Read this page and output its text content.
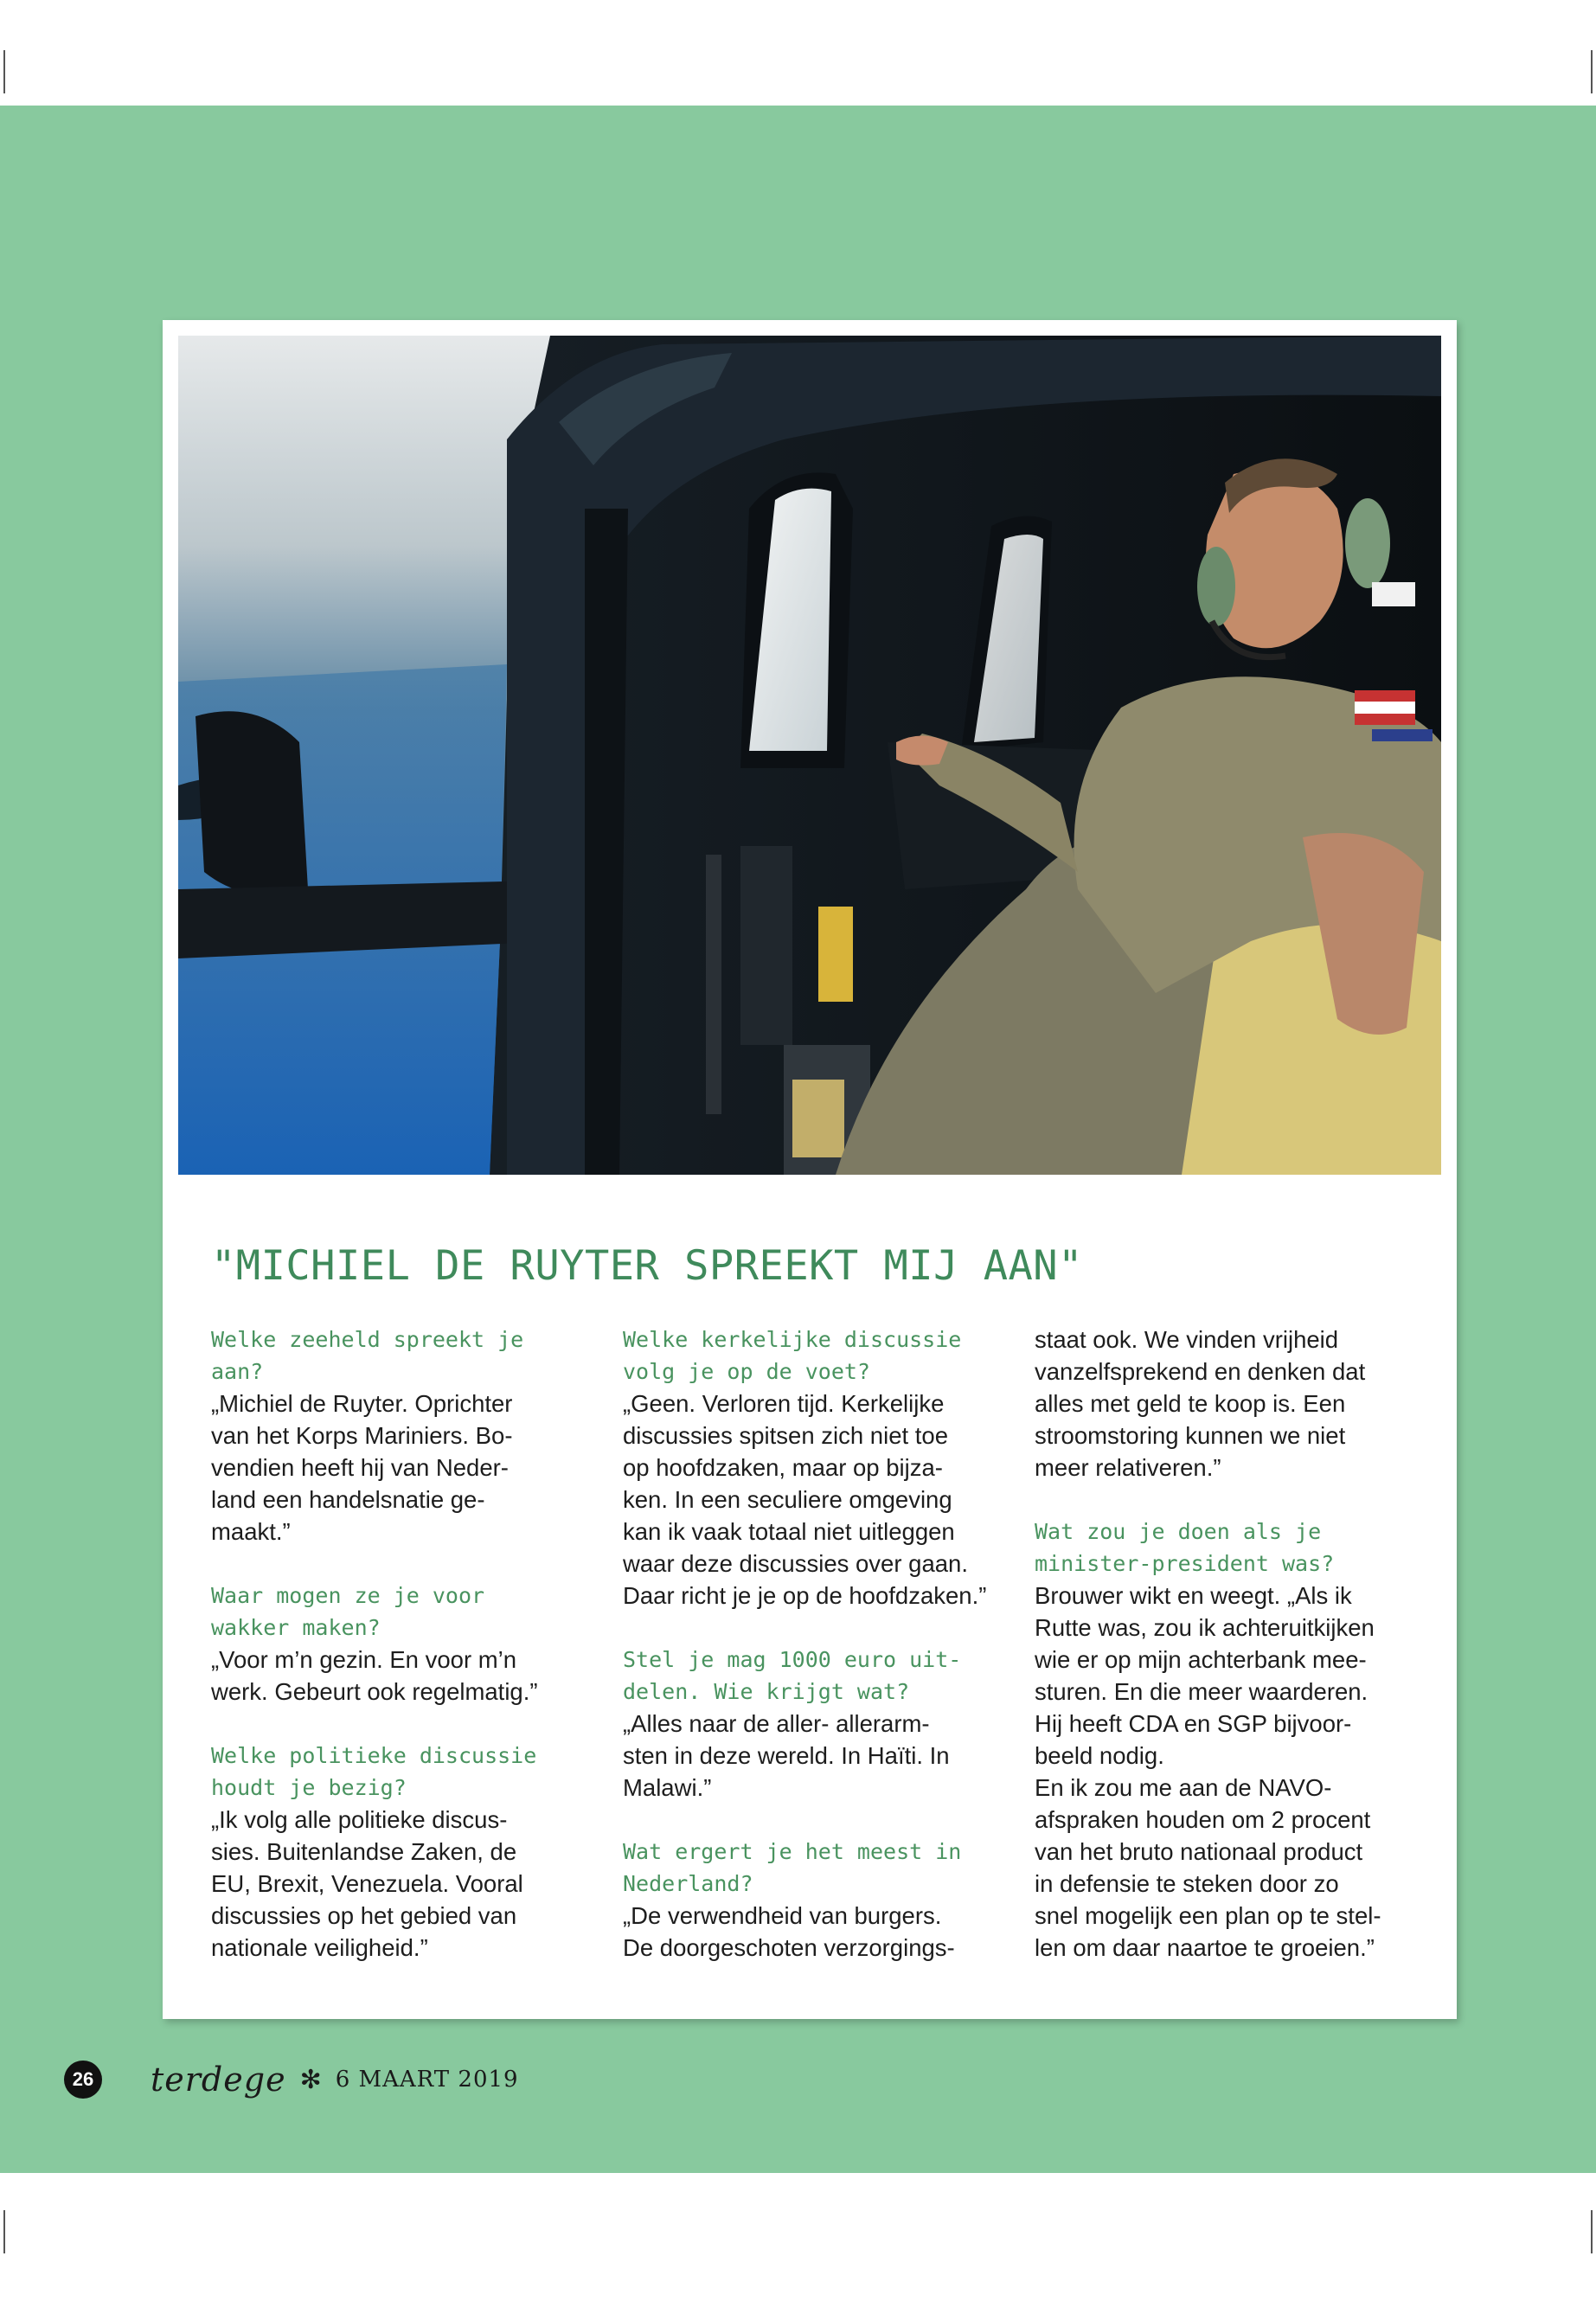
"MICHIEL DE RUYTER SPREEKT MIJ AAN"
Welke zeeheld spreekt je
aan?
„Michiel de Ruyter. Oprichter
van het Korps Mariniers. Bo-
vendien heeft hij van Neder-
land een handelsnatie ge-
maakt.”
Waar mogen ze je voor
wakker maken?
„Voor m’n gezin. En voor m’n
werk. Gebeurt ook regelmatig.”
Welke politieke discussie
houdt je bezig?
„Ik volg alle politieke discus-
sies. Buitenlandse Zaken, de
EU, Brexit, Venezuela. Vooral
discussies op het gebied van
nationale veiligheid.”
Welke kerkelijke discussie
volg je op de voet?
„Geen. Verloren tijd. Kerkelijke
discussies spitsen zich niet toe
op hoofdzaken, maar op bijza-
ken. In een seculiere omgeving
kan ik vaak totaal niet uitleggen
waar deze discussies over gaan.
Daar richt je je op de hoofdzaken.”
Stel je mag 1000 euro uit-
delen. Wie krijgt wat?
„Alles naar de aller- allerarm-
sten in deze wereld. In Haïti. In
Malawi.”
Wat ergert je het meest in
Nederland?
„De verwendheid van burgers.
De doorgeschoten verzorgings-
staat ook. We vinden vrijheid
vanzelfsprekend en denken dat
alles met geld te koop is. Een
stroomstoring kunnen we niet
meer relativeren.”
Wat zou je doen als je
minister-president was?
Brouwer wikt en weegt. „Als ik
Rutte was, zou ik achteruitkijken
wie er op mijn achterbank mee-
sturen. En die meer waarderen.
Hij heeft CDA en SGP bijvoor-
beeld nodig.
En ik zou me aan de NAVO-
afspraken houden om 2 procent
van het bruto nationaal product
in defensie te steken door zo
snel mogelijk een plan op te stel-
len om daar naartoe te groeien.”
26 terdege ✻ 6 MAART 2019
